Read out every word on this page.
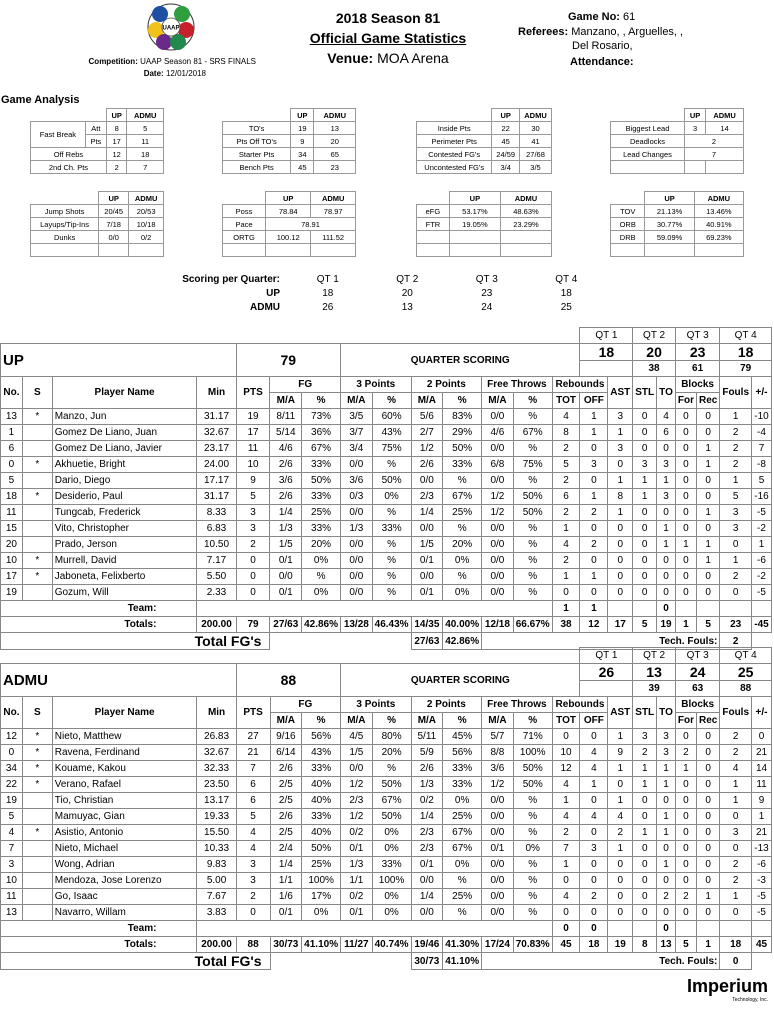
UAAP
Competition: UAAP Season 81 - SRS FINALS
Date: 12/01/2018
2018 Season 81
Official Game Statistics
Venue: MOA Arena
Game No: 61
Referees: Manzano, , Arguelles, ,
Del Rosario,
Attendance:
Game Analysis
		UP	ADMU
Fast Break	Att	8	5
	Pts	17	11
Off Rebs		12	18
2nd Ch. Pts		2	7
	UP	ADMU
TO's	19	13
Pts Off TO's	9	20
Starter Pts	34	65
Bench Pts	45	23
	UP	ADMU
Inside Pts	22	30
Perimeter Pts	45	41
Contested FG's	24/59	27/68
Uncontested FG's	3/4	3/5
	UP	ADMU
Biggest Lead	3	14
Deadlocks	2	
Lead Changes	7	

	UP	ADMU
Jump Shots	20/45	20/53
Layups/Tip-Ins	7/18	10/18
Dunks	0/0	0/2

	UP	ADMU
Poss	78.84	78.97
Pace	78.91	
ORTG	100.12	111.52

	UP	ADMU
eFG	53.17%	48.63%
FTR	19.05%	23.29%

	UP	ADMU
TOV	21.13%	13.46%
ORB	30.77%	40.91%
DRB	59.09%	69.23%

Scoring per Quarter:	QT 1	QT 2	QT 3	QT 4
UP	18	20	23	18
ADMU	26	13	24	25
														QT 1		QT 2		QT 3		QT 4	
UP				79			QUARTER SCORING							18		20		23		18	
																38		61		79	
No.	S	Player Name	Min	PTS	FG		3 Points		2 Points		Free Throws		Rebounds		AST	STL	TO	Blocks		Fouls	+/-
					M/A	%	M/A	%	M/A	%	M/A	%	TOT	OFF				For	Rec		
13	*	Manzo, Jun	31.17	19	8/11	73%	3/5	60%	5/6	83%	0/0	%	4	1	3	0	4	0	0	1	-10
1		Gomez De Liano, Juan	32.67	17	5/14	36%	3/7	43%	2/7	29%	4/6	67%	8	1	1	0	6	0	0	2	-4
6		Gomez De Liano, Javier	23.17	11	4/6	67%	3/4	75%	1/2	50%	0/0	%	2	0	3	0	0	0	1	2	7
0	*	Akhuetie, Bright	24.00	10	2/6	33%	0/0	%	2/6	33%	6/8	75%	5	3	0	3	3	0	1	2	-8
5		Dario, Diego	17.17	9	3/6	50%	3/6	50%	0/0	%	0/0	%	2	0	1	1	1	0	0	1	5
18	*	Desiderio, Paul	31.17	5	2/6	33%	0/3	0%	2/3	67%	1/2	50%	6	1	8	1	3	0	0	5	-16
11		Tungcab, Frederick	8.33	3	1/4	25%	0/0	%	1/4	25%	1/2	50%	2	2	1	0	0	0	1	3	-5
15		Vito, Christopher	6.83	3	1/3	33%	1/3	33%	0/0	%	0/0	%	1	0	0	0	1	0	0	3	-2
20		Prado, Jerson	10.50	2	1/5	20%	0/0	%	1/5	20%	0/0	%	4	2	0	0	1	1	1	0	1
10	*	Murrell, David	7.17	0	0/1	0%	0/0	%	0/1	0%	0/0	%	2	0	0	0	0	0	1	1	-6
17	*	Jaboneta, Felixberto	5.50	0	0/0	%	0/0	%	0/0	%	0/0	%	1	1	0	0	0	0	0	2	-2
19		Gozum, Will	2.33	0	0/1	0%	0/0	%	0/1	0%	0/0	%	0	0	0	0	0	0	0	0	-5
Team:													1	1			0				
Totals:			200.00	79	27/63	42.86%	13/28	46.43%	14/35	40.00%	12/18	66.67%	38	12	17	5	19	1	5	23	-45
Total FG's									27/63	42.86%	Tech. Fouls:									2	
														QT 1		QT 2		QT 3		QT 4	
ADMU				88			QUARTER SCORING							26		13		24		25	
																39		63		88	
No.	S	Player Name	Min	PTS	FG		3 Points		2 Points		Free Throws		Rebounds		AST	STL	TO	Blocks		Fouls	+/-
					M/A	%	M/A	%	M/A	%	M/A	%	TOT	OFF				For	Rec		
12	*	Nieto, Matthew	26.83	27	9/16	56%	4/5	80%	5/11	45%	5/7	71%	0	0	1	3	3	0	0	2	0
0	*	Ravena, Ferdinand	32.67	21	6/14	43%	1/5	20%	5/9	56%	8/8	100%	10	4	9	2	3	2	0	2	21
34	*	Kouame, Kakou	32.33	7	2/6	33%	0/0	%	2/6	33%	3/6	50%	12	4	1	1	1	1	0	4	14
22	*	Verano, Rafael	23.50	6	2/5	40%	1/2	50%	1/3	33%	1/2	50%	4	1	0	1	1	0	0	1	11
19		Tio, Christian	13.17	6	2/5	40%	2/3	67%	0/2	0%	0/0	%	1	0	1	0	0	0	0	1	9
5		Mamuyac, Gian	19.33	5	2/6	33%	1/2	50%	1/4	25%	0/0	%	4	4	4	0	1	0	0	0	1
4	*	Asistio, Antonio	15.50	4	2/5	40%	0/2	0%	2/3	67%	0/0	%	2	0	2	1	1	0	0	3	21
7		Nieto, Michael	10.33	4	2/4	50%	0/1	0%	2/3	67%	0/1	0%	7	3	1	0	0	0	0	0	-13
3		Wong, Adrian	9.83	3	1/4	25%	1/3	33%	0/1	0%	0/0	%	1	0	0	0	1	0	0	2	-6
10		Mendoza, Jose Lorenzo	5.00	3	1/1	100%	1/1	100%	0/0	%	0/0	%	0	0	0	0	0	0	0	2	-3
11		Go, Isaac	7.67	2	1/6	17%	0/2	0%	1/4	25%	0/0	%	4	2	0	0	2	2	1	1	-5
13		Navarro, Willam	3.83	0	0/1	0%	0/1	0%	0/0	%	0/0	%	0	0	0	0	0	0	0	0	-5
Team:													0	0			0				
Totals:			200.00	88	30/73	41.10%	11/27	40.74%	19/46	41.30%	17/24	70.83%	45	18	19	8	13	5	1	18	45
Total FG's									30/73	41.10%	Tech. Fouls:									0	
Imperium
Technology, Inc.
